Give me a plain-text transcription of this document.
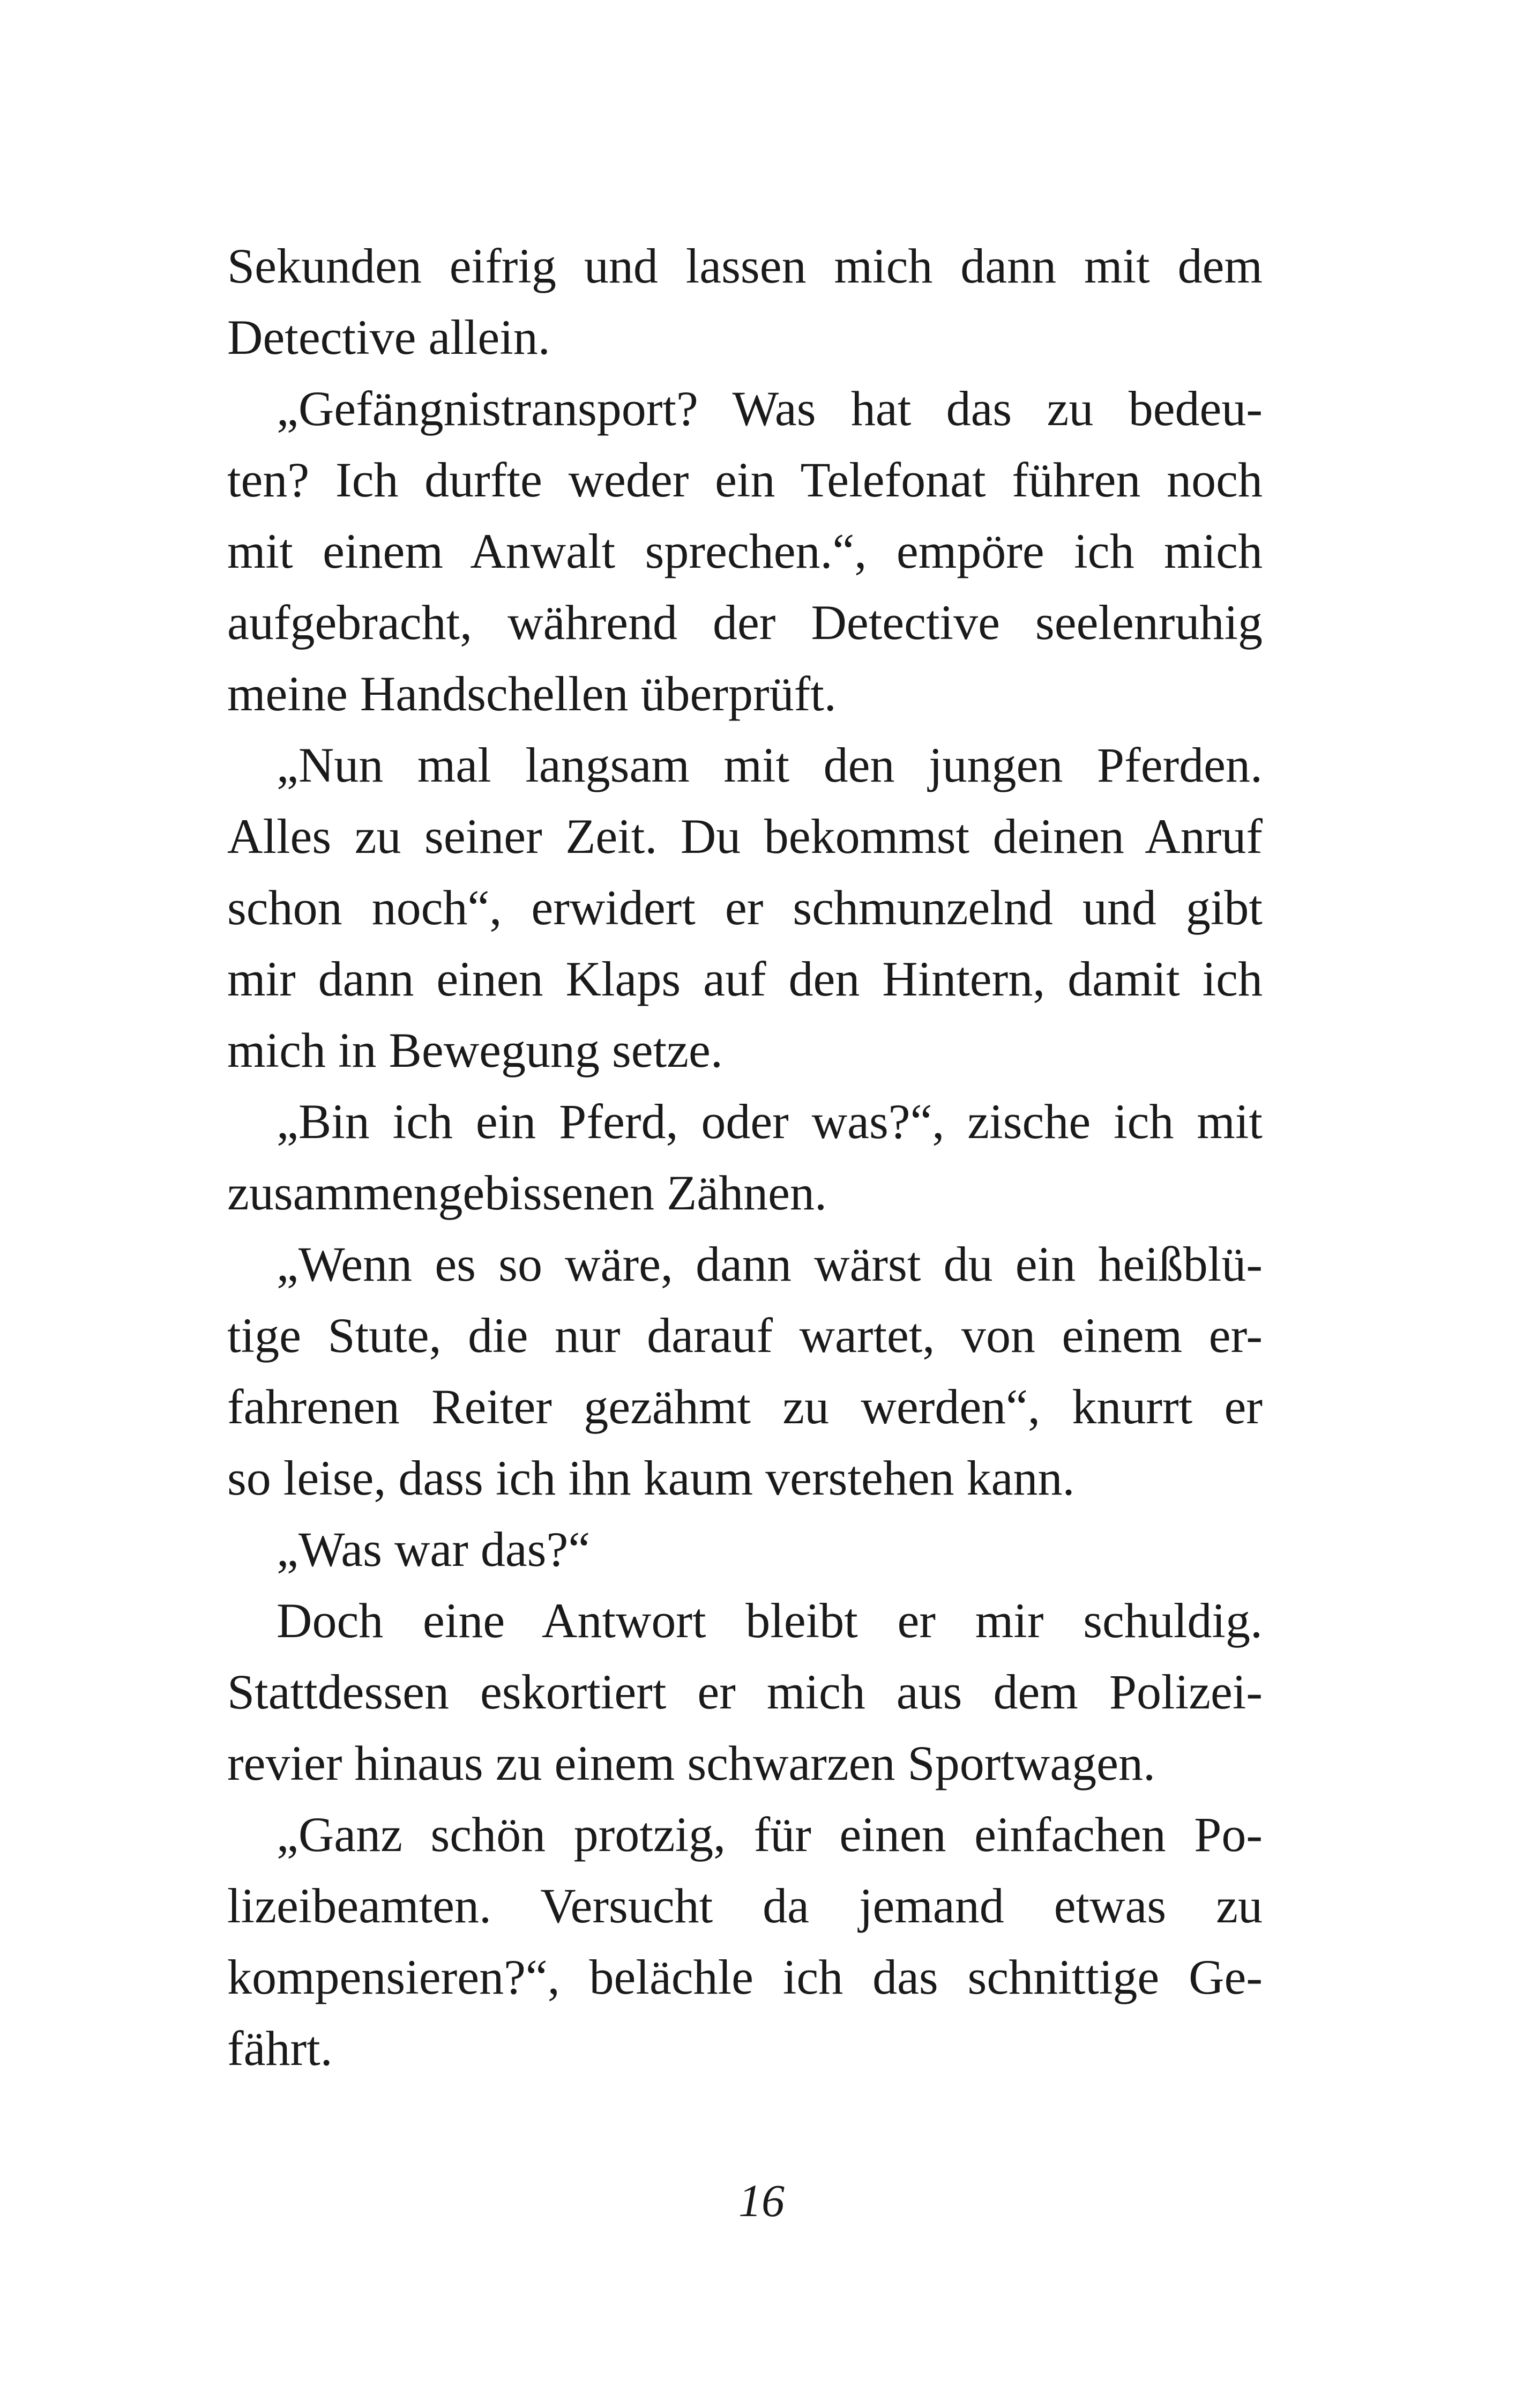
Sekunden eifrig und lassen mich dann mit dem
Detective allein.
„Gefängnistransport? Was hat das zu bedeu-
ten? Ich durfte weder ein Telefonat führen noch
mit einem Anwalt sprechen.“, empöre ich mich
aufgebracht, während der Detective seelenruhig
meine Handschellen überprüft.
„Nun mal langsam mit den jungen Pferden.
Alles zu seiner Zeit. Du bekommst deinen Anruf
schon noch“, erwidert er schmunzelnd und gibt
mir dann einen Klaps auf den Hintern, damit ich
mich in Bewegung setze.
„Bin ich ein Pferd, oder was?“, zische ich mit
zusammengebissenen Zähnen.
„Wenn es so wäre, dann wärst du ein heißblü-
tige Stute, die nur darauf wartet, von einem er-
fahrenen Reiter gezähmt zu werden“, knurrt er
so leise, dass ich ihn kaum verstehen kann.
„Was war das?“
Doch eine Antwort bleibt er mir schuldig.
Stattdessen eskortiert er mich aus dem Polizei-
revier hinaus zu einem schwarzen Sportwagen.
„Ganz schön protzig, für einen einfachen Po-
lizeibeamten. Versucht da jemand etwas zu
kompensieren?“, belächle ich das schnittige Ge-
fährt.
16
